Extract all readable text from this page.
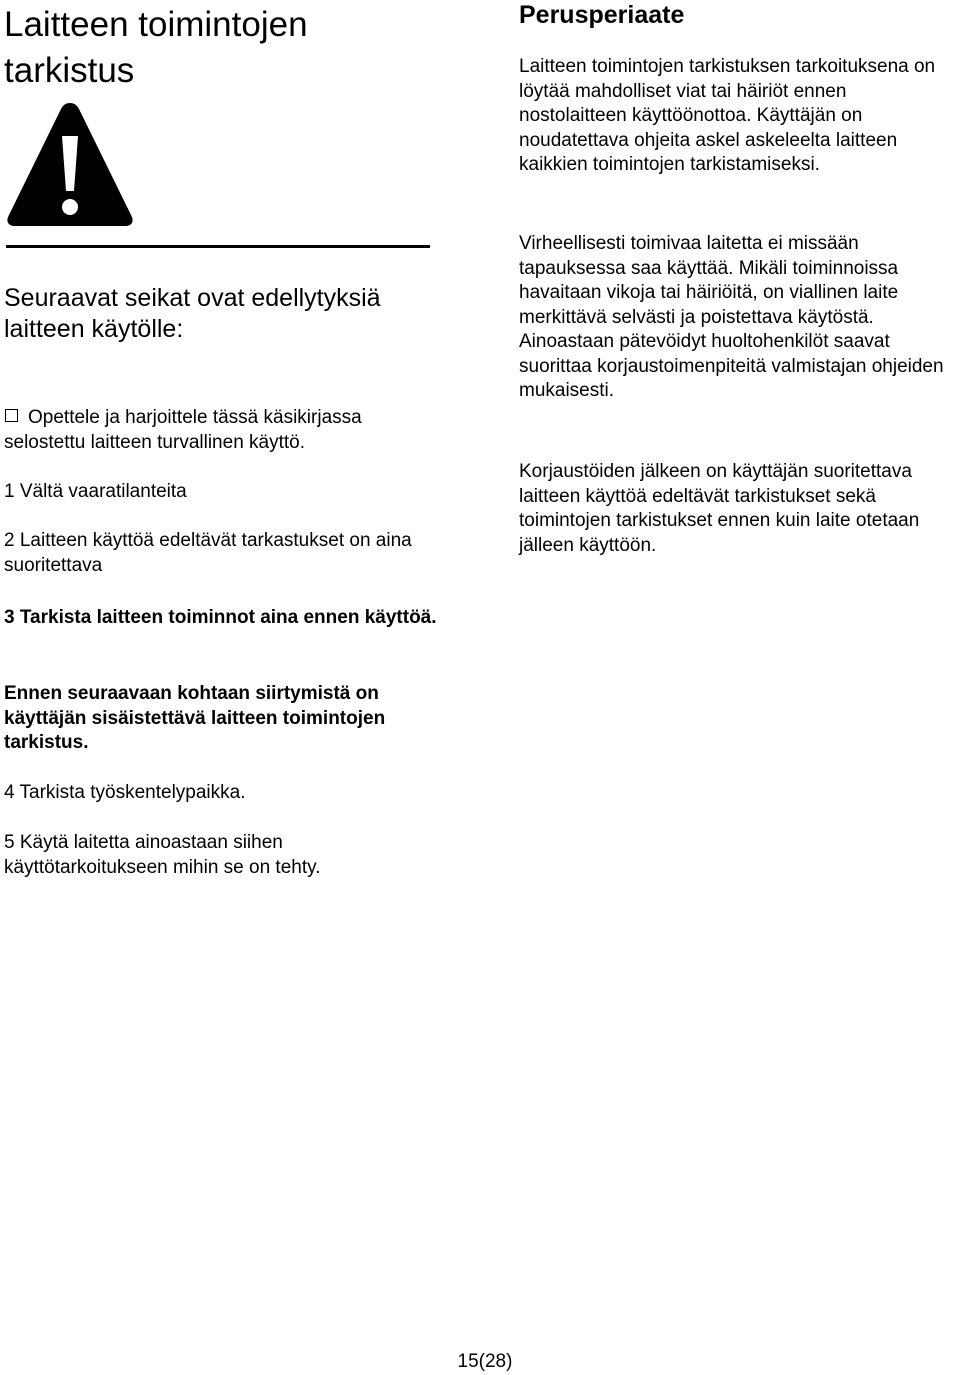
Laitteen toimintojen tarkistus
Seuraavat seikat ovat edellytyksiä laitteen käytölle:

Opettele ja harjoittele tässä käsikirjassa selostettu laitteen turvallinen käyttö.

1 Vältä vaaratilanteita

2 Laitteen käyttöä edeltävät tarkastukset on aina suoritettava

3 Tarkista laitteen toiminnot aina ennen käyttöä.

Ennen seuraavaan kohtaan siirtymistä on käyttäjän sisäistettävä laitteen toimintojen tarkistus.

4 Tarkista työskentelypaikka.

5 Käytä laitetta ainoastaan siihen käyttötarkoitukseen mihin se on tehty.

Perusperiaate

Laitteen toimintojen tarkistuksen tarkoituksena on löytää mahdolliset viat tai häiriöt ennen nostolaitteen käyttöönottoa. Käyttäjän on noudatettava ohjeita askel askeleelta laitteen kaikkien toimintojen tarkistamiseksi.

Virheellisesti toimivaa laitetta ei missään tapauksessa saa käyttää. Mikäli toiminnoissa havaitaan vikoja tai häiriöitä, on viallinen laite merkittävä selvästi ja poistettava käytöstä. Ainoastaan pätevöidyt huoltohenkilöt saavat suorittaa korjaustoimenpiteitä valmistajan ohjeiden mukaisesti.

Korjaustöiden jälkeen on käyttäjän suoritettava laitteen käyttöä edeltävät tarkistukset sekä toimintojen tarkistukset ennen kuin laite otetaan jälleen käyttöön.

15(28)
